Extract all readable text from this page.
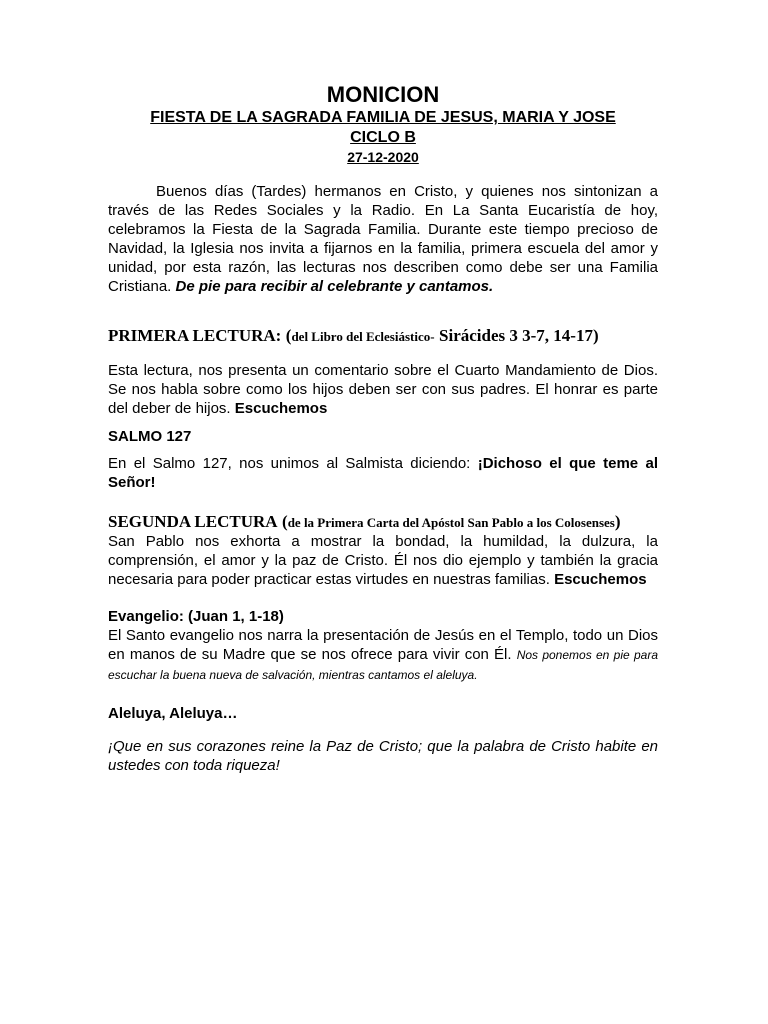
MONICION
FIESTA DE LA SAGRADA FAMILIA DE JESUS, MARIA Y JOSE
CICLO B
27-12-2020

Buenos días (Tardes) hermanos en Cristo, y quienes nos sintonizan a través de las Redes Sociales y la Radio. En La Santa Eucaristía de hoy, celebramos la Fiesta de la Sagrada Familia. Durante este tiempo precioso de Navidad, la Iglesia nos invita a fijarnos en la familia, primera escuela del amor y unidad, por esta razón, las lecturas nos describen como debe ser una Familia Cristiana. De pie para recibir al celebrante y cantamos.

PRIMERA LECTURA: (del Libro del Eclesiástico- Sirácides 3 3-7, 14-17)

Esta lectura, nos presenta un comentario sobre el Cuarto Mandamiento de Dios. Se nos habla sobre como los hijos deben ser con sus padres. El honrar es parte del deber de hijos. Escuchemos

SALMO 127

En el Salmo 127, nos unimos al Salmista diciendo: ¡Dichoso el que teme al Señor!

SEGUNDA LECTURA (de la Primera Carta del Apóstol San Pablo a los Colosenses)

San Pablo nos exhorta a mostrar la bondad, la humildad, la dulzura, la comprensión, el amor y la paz de Cristo. Él nos dio ejemplo y también la gracia necesaria para poder practicar estas virtudes en nuestras familias. Escuchemos

Evangelio: (Juan 1, 1-18)

El Santo evangelio nos narra la presentación de Jesús en el Templo, todo un Dios en manos de su Madre que se nos ofrece para vivir con Él. Nos ponemos en pie para escuchar la buena nueva de salvación, mientras cantamos el aleluya.

Aleluya, Aleluya…

¡Que en sus corazones reine la Paz de Cristo; que la palabra de Cristo habite en ustedes con toda riqueza!
